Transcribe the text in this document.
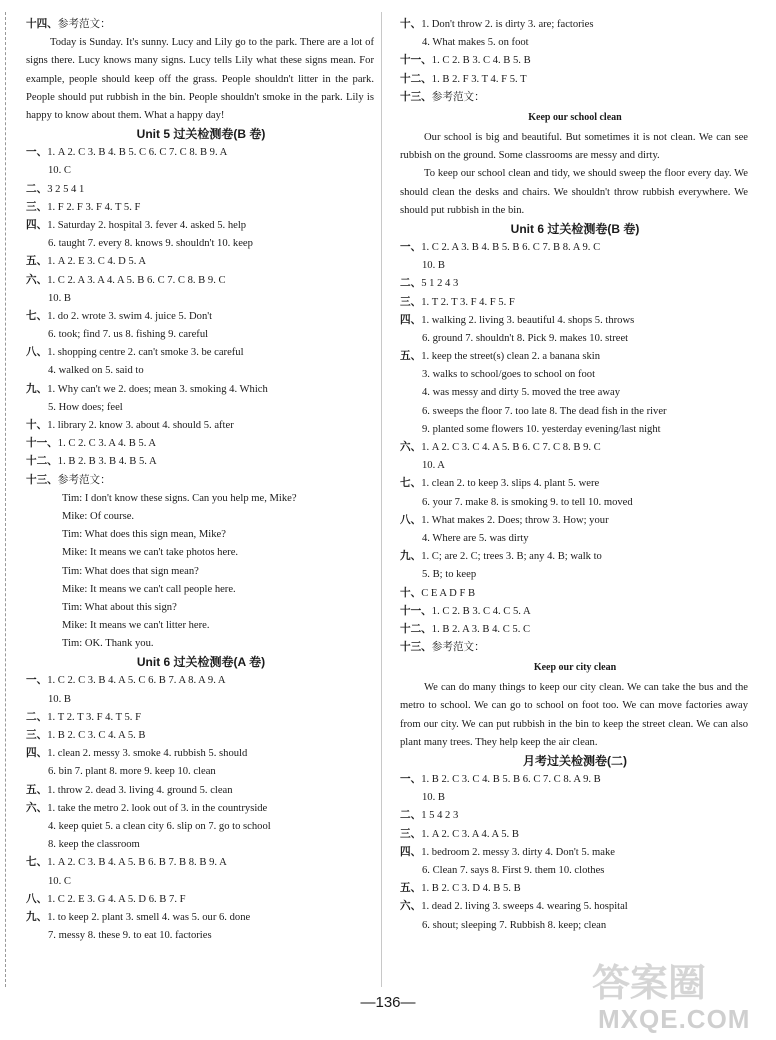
十四、参考范文：
Today is Sunday. It's sunny. Lucy and Lily go to the park. There are a lot of signs there. Lucy knows many signs. Lucy tells Lily what these signs mean. For example, people should keep off the grass. People shouldn't litter in the park. People should put rubbish in the bin. People shouldn't smoke in the park. Lily is happy to know about them. What a happy day!
Unit 5 过关检测卷(B 卷)
一、1. A 2. C 3. B 4. B 5. C 6. C 7. C 8. B 9. A
10. C
二、3 2 5 4 1
三、1. F 2. F 3. F 4. T 5. F
四、1. Saturday 2. hospital 3. fever 4. asked 5. help
6. taught 7. every 8. knows 9. shouldn't 10. keep
五、1. A 2. E 3. C 4. D 5. A
六、1. C 2. A 3. A 4. A 5. B 6. C 7. C 8. B 9. C
10. B
七、1. do 2. wrote 3. swim 4. juice 5. Don't
6. took; find 7. us 8. fishing 9. careful
八、1. shopping centre 2. can't smoke 3. be careful
4. walked on 5. said to
九、1. Why can't we 2. does; mean 3. smoking 4. Which
5. How does; feel
十、1. library 2. know 3. about 4. should 5. after
十一、1. C 2. C 3. A 4. B 5. A
十二、1. B 2. B 3. B 4. B 5. A
十三、参考范文：
Tim: I don't know these signs. Can you help me, Mike?
Mike: Of course.
Tim: What does this sign mean, Mike?
Mike: It means we can't take photos here.
Tim: What does that sign mean?
Mike: It means we can't call people here.
Tim: What about this sign?
Mike: It means we can't litter here.
Tim: OK. Thank you.
Unit 6 过关检测卷(A 卷)
一、1. C 2. C 3. B 4. A 5. C 6. B 7. A 8. A 9. A
10. B
二、1. T 2. T 3. F 4. T 5. F
三、1. B 2. C 3. C 4. A 5. B
四、1. clean 2. messy 3. smoke 4. rubbish 5. should
6. bin 7. plant 8. more 9. keep 10. clean
五、1. throw 2. dead 3. living 4. ground 5. clean
六、1. take the metro 2. look out of 3. in the countryside
4. keep quiet 5. a clean city 6. slip on 7. go to school
8. keep the classroom
七、1. A 2. C 3. B 4. A 5. B 6. B 7. B 8. B 9. A
10. C
八、1. C 2. E 3. G 4. A 5. D 6. B 7. F
九、1. to keep 2. plant 3. smell 4. was 5. our 6. done
7. messy 8. these 9. to eat 10. factories
十、1. Don't throw 2. is dirty 3. are; factories
4. What makes 5. on foot
十一、1. C 2. B 3. C 4. B 5. B
十二、1. B 2. F 3. T 4. F 5. T
十三、参考范文：
Keep our school clean
Our school is big and beautiful. But sometimes it is not clean. We can see rubbish on the ground. Some classrooms are messy and dirty.
To keep our school clean and tidy, we should sweep the floor every day. We should clean the desks and chairs. We shouldn't throw rubbish everywhere. We should put rubbish in the bin.
Unit 6 过关检测卷(B 卷)
一、1. C 2. A 3. B 4. B 5. B 6. C 7. B 8. A 9. C
10. B
二、5 1 2 4 3
三、1. T 2. T 3. F 4. F 5. F
四、1. walking 2. living 3. beautiful 4. shops 5. throws
6. ground 7. shouldn't 8. Pick 9. makes 10. street
五、1. keep the street(s) clean 2. a banana skin
3. walks to school/goes to school on foot
4. was messy and dirty 5. moved the tree away
6. sweeps the floor 7. too late 8. The dead fish in the river
9. planted some flowers 10. yesterday evening/last night
六、1. A 2. C 3. C 4. A 5. B 6. C 7. C 8. B 9. C
10. A
七、1. clean 2. to keep 3. slips 4. plant 5. were
6. your 7. make 8. is smoking 9. to tell 10. moved
八、1. What makes 2. Does; throw 3. How; your
4. Where are 5. was dirty
九、1. C; are 2. C; trees 3. B; any 4. B; walk to
5. B; to keep
十、C E A D F B
十一、1. C 2. B 3. C 4. C 5. A
十二、1. B 2. A 3. B 4. C 5. C
十三、参考范文：
Keep our city clean
We can do many things to keep our city clean. We can take the bus and the metro to school. We can go to school on foot too. We can move factories away from our city. We can put rubbish in the bin to keep the street clean. We can also plant many trees. They help keep the air clean.
月考过关检测卷(二)
一、1. B 2. C 3. C 4. B 5. B 6. C 7. C 8. A 9. B
10. B
二、1 5 4 2 3
三、1. A 2. C 3. A 4. A 5. B
四、1. bedroom 2. messy 3. dirty 4. Don't 5. make
6. Clean 7. says 8. First 9. them 10. clothes
五、1. B 2. C 3. D 4. B 5. B
六、1. dead 2. living 3. sweeps 4. wearing 5. hospital
6. shout; sleeping 7. Rubbish 8. keep; clean
—136—	答案圈
MXQE.COM
